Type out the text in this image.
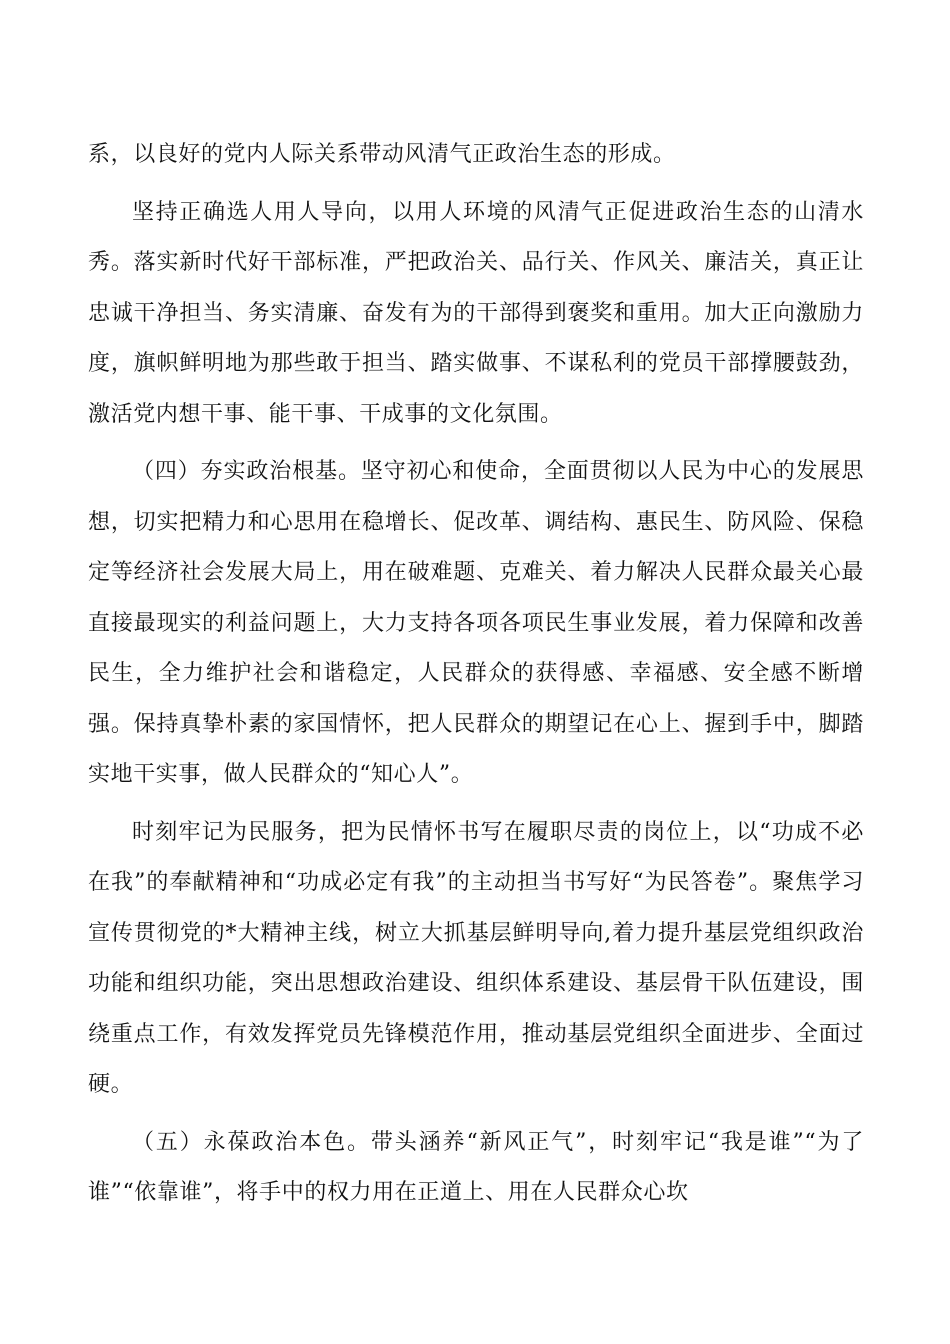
系，以良好的党内人际关系带动风清气正政治生态的形成。

坚持正确选人用人导向，以用人环境的风清气正促进政治生态的山清水秀。落实新时代好干部标准，严把政治关、品行关、作风关、廉洁关，真正让忠诚干净担当、务实清廉、奋发有为的干部得到褒奖和重用。加大正向激励力度，旗帜鲜明地为那些敢于担当、踏实做事、不谋私利的党员干部撑腰鼓劲，激活党内想干事、能干事、干成事的文化氛围。

（四）夯实政治根基。坚守初心和使命，全面贯彻以人民为中心的发展思想，切实把精力和心思用在稳增长、促改革、调结构、惠民生、防风险、保稳定等经济社会发展大局上，用在破难题、克难关、着力解决人民群众最关心最直接最现实的利益问题上，大力支持各项各项民生事业发展，着力保障和改善民生，全力维护社会和谐稳定，人民群众的获得感、幸福感、安全感不断增强。保持真挚朴素的家国情怀，把人民群众的期望记在心上、握到手中，脚踏实地干实事，做人民群众的“知心人”。

时刻牢记为民服务，把为民情怀书写在履职尽责的岗位上，以“功成不必在我”的奉献精神和“功成必定有我”的主动担当书写好“为民答卷”。聚焦学习宣传贯彻党的*大精神主线，树立大抓基层鲜明导向,着力提升基层党组织政治功能和组织功能，突出思想政治建设、组织体系建设、基层骨干队伍建设，围绕重点工作，有效发挥党员先锋模范作用，推动基层党组织全面进步、全面过硬。

（五）永葆政治本色。带头涵养“新风正气”，时刻牢记“我是谁”“为了谁”“依靠谁”，将手中的权力用在正道上、用在人民群众心坎
